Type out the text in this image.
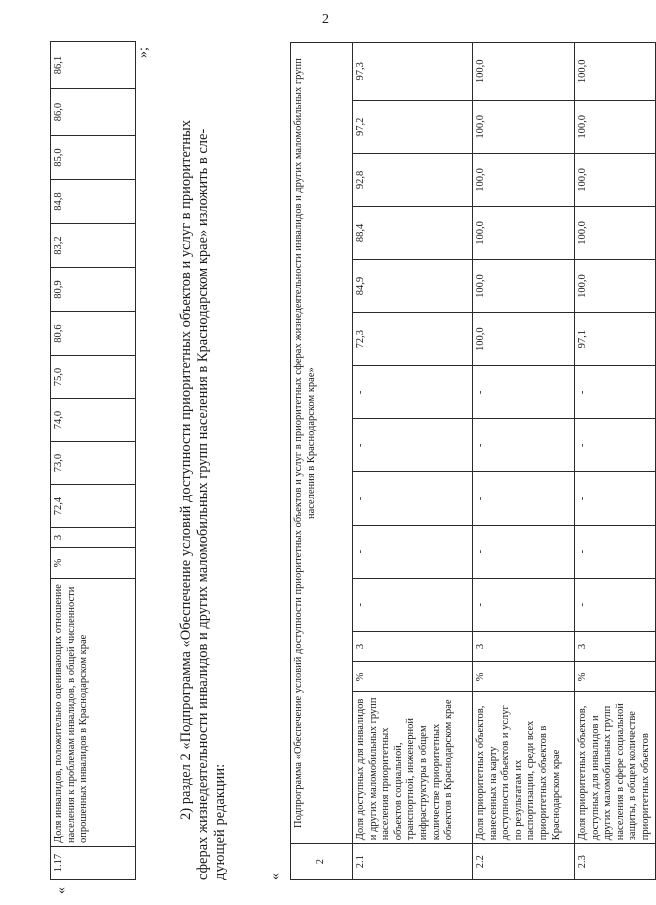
2
«
1.17	Доля инвалидов, положительно оценивающих отношение населения к проблемам инвалидов, в общей численности опрошенных инвалидов в Краснодарском крае	%	3	72,4	73,0	74,0	75,0	80,6	80,9	83,2	84,8	85,0	86,0	86,1
»;
2) раздел 2 «Подпрограмма «Обеспечение условий доступности приоритетных объектов и услуг в приоритетных сферах жизнедеятельности инвалидов и других маломобильных групп населения в Краснодарском крае» изложить в сле- дующей редакции:	«
2	Подпрограмма «Обеспечение условий доступности приоритетных объектов и услуг в приоритетных сферах жизнедеятельности инвалидов и других маломобильных групп населения в Краснодарском крае»													
2.1	Доля доступных для инвалидов и других маломобильных групп населения приоритетных объектов социальной, транспортной, инженерной инфраструктуры в общем количестве приоритетных объектов в Краснодарском крае	%	3	-	-	-	-	-	72,3	84,9	88,4	92,8	97,2	97,3
2.2	Доля приоритетных объектов, нанесенных на карту доступности объектов и услуг по результатам их паспортизации, среди всех приоритетных объектов в Краснодарском крае	%	3	-	-	-	-	-	100,0	100,0	100,0	100,0	100,0	100,0
2.3	Доля приоритетных объектов, доступных для инвалидов и других маломобильных групп населения в сфере социальной защиты, в общем количестве приоритетных объектов	%	3	-	-	-	-	-	97,1	100,0	100,0	100,0	100,0	100,0
